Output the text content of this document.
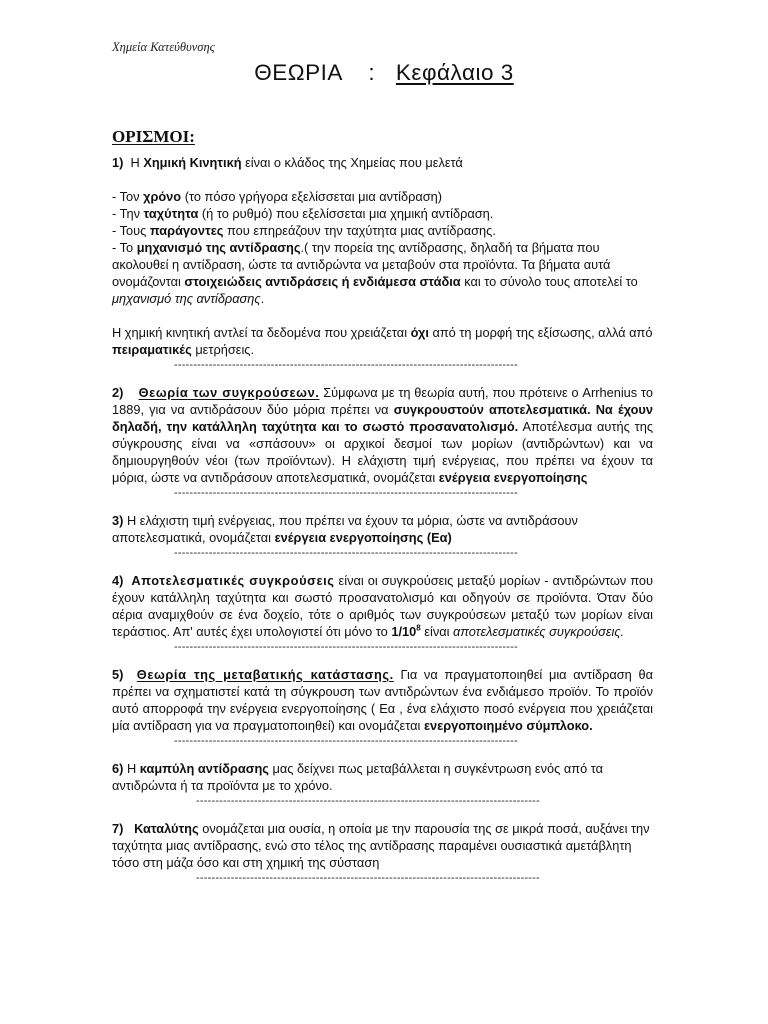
Χημεία Κατεύθυνσης
ΘΕΩΡΙΑ : Κεφάλαιο 3
ΟΡΙΣΜΟΙ:

1) Η Χημική Κινητική είναι ο κλάδος της Χημείας που μελετά

- Τον χρόνο (το πόσο γρήγορα εξελίσσεται μια αντίδραση)

- Την ταχύτητα (ή το ρυθμό) που εξελίσσεται μια χημική αντίδραση.

- Τους παράγοντες που επηρεάζουν την ταχύτητα μιας αντίδρασης.

- Το μηχανισμό της αντίδρασης.( την πορεία της αντίδρασης, δηλαδή τα βήματα που ακολουθεί η αντίδραση, ώστε τα αντιδρώντα να μεταβούν στα προϊόντα. Τα βήματα αυτά ονομάζονται στοιχειώδεις αντιδράσεις ή ενδιάμεσα στάδια και το σύνολο τους αποτελεί το μηχανισμό της αντίδρασης.

Η χημική κινητική αντλεί τα δεδομένα που χρειάζεται όχι από τη μορφή της εξίσωσης, αλλά από πειραματικές μετρήσεις.

-----------------------------------------------------------------------------------------

2) Θεωρία των συγκρούσεων. Σύμφωνα με τη θεωρία αυτή, που πρότεινε ο Arrhenius το 1889, για να αντιδράσουν δύο μόρια πρέπει να συγκρουστούν αποτελεσματικά. Να έχουν δηλαδή, την κατάλληλη ταχύτητα και το σωστό προσανατολισμό. Αποτέλεσμα αυτής της σύγκρουσης είναι να «σπάσουν» οι αρχικοί δεσμοί των μορίων (αντιδρώντων) και να δημιουργηθούν νέοι (των προϊόντων). Η ελάχιστη τιμή ενέργειας, που πρέπει να έχουν τα μόρια, ώστε να αντιδράσουν αποτελεσματικά, ονομάζεται ενέργεια ενεργοποίησης

-----------------------------------------------------------------------------------------

3) Η ελάχιστη τιμή ενέργειας, που πρέπει να έχουν τα μόρια, ώστε να αντιδράσουν αποτελεσματικά, ονομάζεται ενέργεια ενεργοποίησης (Εα)

-----------------------------------------------------------------------------------------

4) Αποτελεσματικές συγκρούσεις είναι οι συγκρούσεις μεταξύ μορίων - αντιδρώντων που έχουν κατάλληλη ταχύτητα και σωστό προσανατολισμό και οδηγούν σε προϊόντα. Όταν δύο αέρια αναμιχθούν σε ένα δοχείο, τότε ο αριθμός των συγκρούσεων μεταξύ των μορίων είναι τεράστιος. Απ' αυτές έχει υπολογιστεί ότι μόνο το $1/10^8$ είναι αποτελεσματικές συγκρούσεις.

-----------------------------------------------------------------------------------------

5) Θεωρία της μεταβατικής κατάστασης. Για να πραγματοποιηθεί μια αντίδραση θα πρέπει να σχηματιστεί κατά τη σύγκρουση των αντιδρώντων ένα ενδιάμεσο προϊόν. Το προϊόν αυτό απορροφά την ενέργεια ενεργοποίησης ( Εα , ένα ελάχιστο ποσό ενέργεια που χρειάζεται μία αντίδραση για να πραγματοποιηθεί) και ονομάζεται ενεργοποιημένο σύμπλοκο.

-----------------------------------------------------------------------------------------

6) Η καμπύλη αντίδρασης μας δείχνει πως μεταβάλλεται η συγκέντρωση ενός από τα αντιδρώντα ή τα προϊόντα με το χρόνο.

-----------------------------------------------------------------------------------------

7) Καταλύτης ονομάζεται μια ουσία, η οποία με την παρουσία της σε μικρά ποσά, αυξάνει την ταχύτητα μιας αντίδρασης, ενώ στο τέλος της αντίδρασης παραμένει ουσιαστικά αμετάβλητη τόσο στη μάζα όσο και στη χημική της σύσταση

-----------------------------------------------------------------------------------------
